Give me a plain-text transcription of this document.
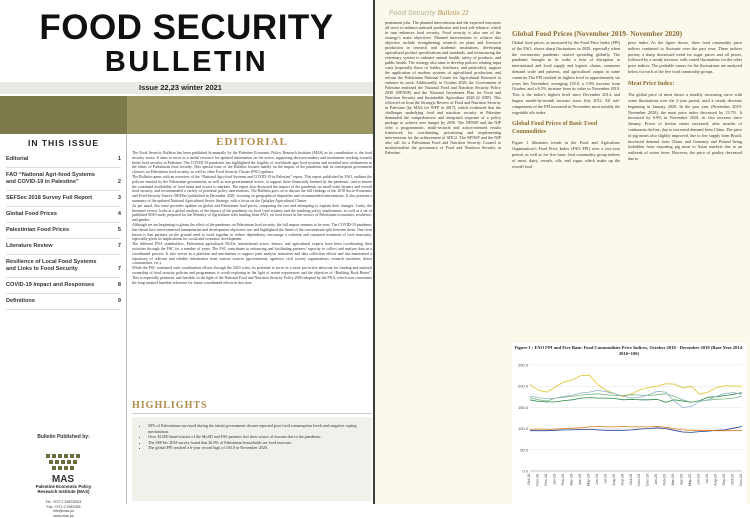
FOOD SECURITY
BULLETIN
Issue 22,23 winter 2021
IN THIS ISSUE
Editorial	1
FAO “National Agri-food Systems and COVID-19 in Palestine”	2
SEFSec 2018 Survey Full Report	3
Global Food Prices	4
Palestinian Food Prices	5
Literature Review	7
Resilience of Local Food Systems and Links to Food Security	7
COVID-19 Impact and Responses	8
Definitions	9
Bulletin Published by:
MAS
Palestine Economic Policy
Research Institute (MAS)
Tel: +972 2 2987053/4
Fax: +972 2 2987055
info@mas.ps
www.mas.ps
EDITORIAL

The Food Security Bulletin has been published bi-annually by the Palestine Economic Policy Research Institute (MAS) as its contribution to the food security sector. It aims to serve as a useful resource for updated information on the sector, supporting decision-makers and institutions working towards better food security in Palestine. The COVID-19 pandemic has highlighted the fragility of worldwide agri-food systems and revealed new weaknesses in the fabric of Palestinian food security. This special issue of the Bulletin focuses mainly on the impact of the pandemic and its consequent government closures on Palestinian food security, as well as other Food Security Cluster (FSC) updates.

The Bulletin opens with an overview of the “National Agri-food Systems and COVID-19 in Palestine” report. This report, published by FAO, outlines the policies enacted by the Palestinian government, as well as non-governmental actors, to support those financially harmed by the pandemic, and to ensure the continued availability of food items and access to markets. The report also discussed the impact of the pandemic on small-scale farmers and overall food security, and recommended a variety of potential policy interventions. The Bulletin goes on to discuss the full findings of the 2018 Socio-Economic and Food Security Survey (SEFSec) published in December 2020, focusing on geographical disparities and recommended interventions. It also presents a summary of the updated National Agricultural Sector Strategy, with a focus on the Qalqilya Agricultural Cluster.

As per usual, this issue provides updates on global and Palestinian food prices, comparing the two and attempting to explain their changes. Lastly, the literature review looks at a global analysis of the impact of the pandemic on local food systems and the resulting policy implications, as well as a set of published MAS study prepared for the Ministry of Agriculture with funding from FAO, on food losses in the sectors of Palestinian economics, resilience, and gender.

Although we are beginning to gleam the effect of the pandemic on Palestinian food security, the full impact remains to be seen. The COVID-19 pandemic has shown how interconnected humanitarian and development objectives are, and highlighted the limits of the conventional split between them. One clear lesson is that partners on the ground need to work together to reduce dependency, encourage a coherent and sustained treatment of food insecurity, especially given its implications for social and economic development.

The different PNA stakeholders, Palestinian agricultural NGOs, international actors, donors, and agricultural experts have been coordinating their activities through the FSC for a number of years. The FSC contributes to enhancing and facilitating partners’ capacity to collect and analyze data in a coordinated process. It also serves as a platform and mechanism to support joint analysis initiatives and data collection efforts and has maintained a repository of relevant and reliable information from various sources (governments, agencies, civil society organizations, research institutes, donor communities, etc.).

While the FSC continued such coordination efforts through the 2020 crisis, its potential to serve as a more pro-active advocate for funding and national ownership of food security policies and programmes is worth exploring in the light of recent experiences and the objective of “Building Back Better”. This is especially pertinent, and feasible, in the light of the National Food and Nutrition Security Policy 2030 adopted by the PNA, which now constitutes the long-awaited baseline reference for future coordinated efforts in this area.

HIGHLIGHTS
• 59% of Palestinians surveyed during the initial government closure reported poor food consumption levels and negative coping mechanisms.
• Over 35,000 beneficiaries of the MoSD and FSS partners lost their source of income due to the pandemic.
• The SEFSec 2018 survey found that 26.9% of Palestinian households are food insecure.
• The global FPI reached a 6-year record high of 105.0 in November 2020.
Food Security Bulletin 22

permanent jobs. The planned interventions and the expected outcomes all serve to enhance national production and food self-reliance, which in turn enhances food security. Food security is also one of the strategy’s main objectives. Planned interventions to achieve this objective include strengthening research on plant and livestock production in research and academic institutions, developing agricultural product specifications and standards, and restructuring the veterinary system to enhance animal health, safety of products, and public health. The strategy also aims to develop policies relating input costs (especially those of fodder, fertilizers, and pesticides), support the application of modern systems of agricultural production, and reform the Palestinian National Centre for Agricultural Research to enhance its work. Additionally, in October 2020, the Government of Palestine endorsed the National Food and Nutrition Security Policy 2030 (NFNSP) and the National Investment Plan for Food and Nutrition Security and Sustainable Agriculture 2020-22 (NIP). This followed on from the Strategic Review of Food and Nutrition Security in Palestine (by MAS for WFP in 2017), which evidenced that the challenges underlying food and nutrition security in Palestine demanded the comprehensive and integrated response of a policy package to achieve zero hunger by 2030. The NFNSP and the NIP offer a programmatic, multi-sectoral and action-oriented results framework for coordinating, prioritizing and implementing interventions for the achievement of SDG2. The NFNSP and the NIP also call for a Palestinian Food and Nutrition Security Council to institutionalize the governance of Food and Nutrition Security in Palestine.

Global Food Prices (November 2019- November 2020)

Global food prices, as measured by the Food Price Index (FPI) of the FAO, shows sharp fluctuations in 2020, especially when the coronavirus pandemic started spreading globally. The pandemic brought in its wake a host of disruption to international and local supply and logistic chains, consumer demand scale and patterns, and agricultural output in some countries The FPI reached its highest level in approximately six years this November, averaging 105.0, a 3.9% increase from October, and a 6.5% increase from its value in November 2019. This is the index’s highest level since December 2014, and largest month-by-month increase since July 2012. All sub-components of the FPI increased in November, most notably the vegetable oils index.

Global Food Prices of Basic Food Commodities

Figure 1 illustrates trends in the Food and Agriculture Organization’s Food Price Index (FAO FPI) over a two-year period, as well as for five basic food commodity group indices of meat, dairy, cereals, oils, and sugar, which make up the overall food

price index. As the figure shows, these food commodity price indices continued to fluctuate over the past year. These indices portray a sharp downward trend for sugar prices and oil prices, followed by a steady increase, with varied fluctuations for the other price indices. The probable causes for the fluctuations are analyzed below for each of the five food commodity groups.

Meat Price Index:

The global price of meat shows a steadily increasing curve with some fluctuations over the 2-year period, until a steady decrease beginning in January 2020. In the past year (November 2019-November 2020), the meat price index decreased by 13.7%. It increased by 0.9% in November 2020, its first increase since January. Prices of bovine meats increased, after months of continuous decline, due to increased demand from China. The price of pig meats also slightly improved, due to low supply from Brazil, increased demand from China, and Germany and Poland being forbidden from exporting pig meat to Asian markets due to an outbreak of swine fever. However, the price of poultry decreased due to

Figure 1 : FAO FPI and Five Basic Food Commodities Price Indices, October 2018 - December 2019 (Base Year 2014-2016=100)
0.0
50.0
100.0
150.0
200.0
250.0
Oct-18 Nov-18 Dec-18 Jan-19 Feb-19 Mar-19 Apr-19 May-19 Jun-19 Jul-19 Aug-19 Sep-19 Oct-19 Nov-19 Dec-19 Jan-20 Feb-20 Mar-20 Apr-20 May-20 Jun-20 Jul-20 Aug-20 Sep-20 Oct-20 Nov-20
